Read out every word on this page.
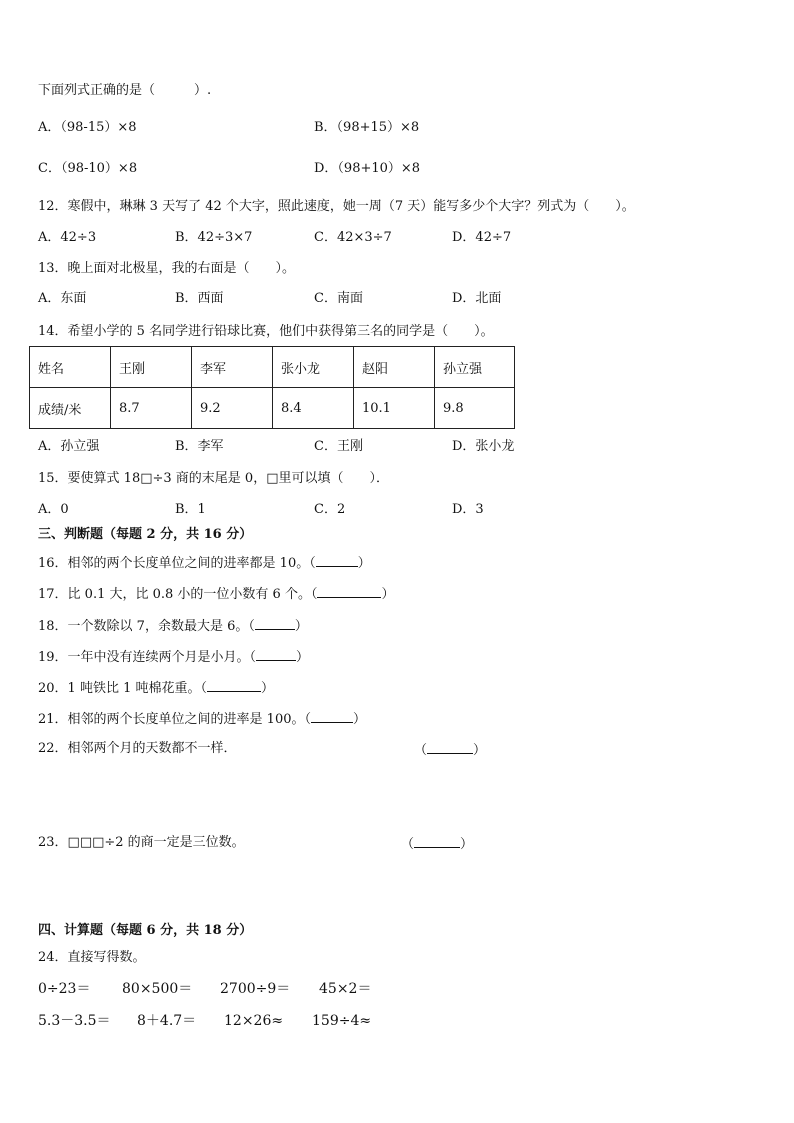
下面列式正确的是（　　　）.
A．（98-15）×8	B．（98+15）×8
C．（98-10）×8	D．（98+10）×8
12．寒假中，琳琳 3 天写了 42 个大字，照此速度，她一周（7 天）能写多少个大字？列式为（　　）。
A．42÷3	B．42÷3×7	C．42×3÷7	D．42÷7
13．晚上面对北极星，我的右面是（　　）。
A．东面	B．西面	C．南面	D．北面
14．希望小学的 5 名同学进行铅球比赛，他们中获得第三名的同学是（　　）。
姓名	王刚	李军	张小龙	赵阳	孙立强
成绩/米	8.7	9.2	8.4	10.1	9.8
A．孙立强	B．李军	C．王刚	D．张小龙
15．要使算式 18□÷3 商的末尾是 0，□里可以填（　　）．
A．0	B．1	C．2	D．3
三、判断题（每题 2 分，共 16 分）
16．相邻的两个长度单位之间的进率都是 10。（	）
17．比 0.1 大，比 0.8 小的一位小数有 6 个。（	）
18．一个数除以 7，余数最大是 6。（	）
19．一年中没有连续两个月是小月。（	）
20．1 吨铁比 1 吨棉花重。（	）
21．相邻的两个长度单位之间的进率是 100。（	）
22．相邻两个月的天数都不一样．	（	）
23．□□□÷2 的商一定是三位数。	（	）
四、计算题（每题 6 分，共 18 分）
24．直接写得数。
0÷23＝ 80×500＝ 2700÷9＝ 45×2＝
5.3－3.5＝ 8＋4.7＝ 12×26≈ 159÷4≈
